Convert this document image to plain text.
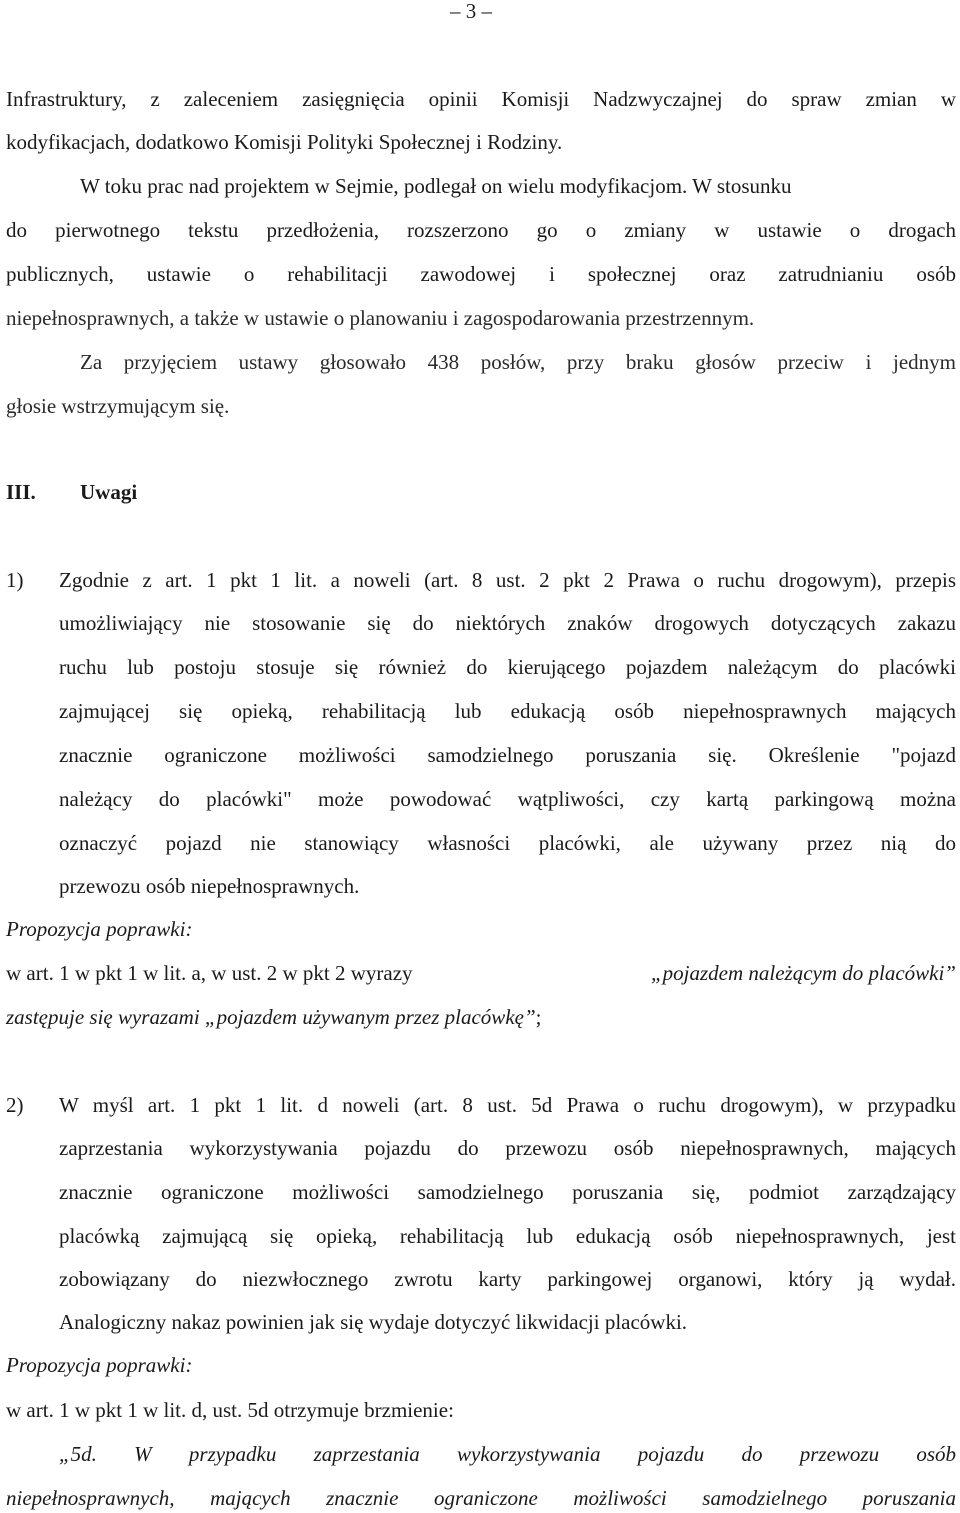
– 3 –
Infrastruktury, z zaleceniem zasięgnięcia opinii Komisji Nadzwyczajnej do spraw zmian w
kodyfikacjach, dodatkowo Komisji Polityki Społecznej i Rodziny.
W toku prac nad projektem w Sejmie, podlegał on wielu modyfikacjom. W stosunku
do pierwotnego tekstu przedłożenia, rozszerzono go o zmiany w ustawie o drogach
publicznych, ustawie o rehabilitacji zawodowej i społecznej oraz zatrudnianiu osób
niepełnosprawnych, a także w ustawie o planowaniu i zagospodarowania przestrzennym.
Za przyjęciem ustawy głosowało 438 posłów, przy braku głosów przeciw i jednym
głosie wstrzymującym się.
III. Uwagi
1) Zgodnie z art. 1 pkt 1 lit. a noweli (art. 8 ust. 2 pkt 2 Prawa o ruchu drogowym), przepis
umożliwiający nie stosowanie się do niektórych znaków drogowych dotyczących zakazu
ruchu lub postoju stosuje się również do kierującego pojazdem należącym do placówki
zajmującej się opieką, rehabilitacją lub edukacją osób niepełnosprawnych mających
znacznie ograniczone możliwości samodzielnego poruszania się. Określenie "pojazd
należący do placówki" może powodować wątpliwości, czy kartą parkingową można
oznaczyć pojazd nie stanowiący własności placówki, ale używany przez nią do
przewozu osób niepełnosprawnych.
Propozycja poprawki:
w art. 1 w pkt 1 w lit. a, w ust. 2 w pkt 2 wyrazy	„pojazdem należącym do placówki”
zastępuje się wyrazami „pojazdem używanym przez placówkę”;
2) W myśl art. 1 pkt 1 lit. d noweli (art. 8 ust. 5d Prawa o ruchu drogowym), w przypadku
zaprzestania wykorzystywania pojazdu do przewozu osób niepełnosprawnych, mających
znacznie ograniczone możliwości samodzielnego poruszania się, podmiot zarządzający
placówką zajmującą się opieką, rehabilitacją lub edukacją osób niepełnosprawnych, jest
zobowiązany do niezwłocznego zwrotu karty parkingowej organowi, który ją wydał.
Analogiczny nakaz powinien jak się wydaje dotyczyć likwidacji placówki.
Propozycja poprawki:
w art. 1 w pkt 1 w lit. d, ust. 5d otrzymuje brzmienie:
„5d. W przypadku zaprzestania wykorzystywania pojazdu do przewozu osób
niepełnosprawnych, mających znacznie ograniczone możliwości samodzielnego poruszania
